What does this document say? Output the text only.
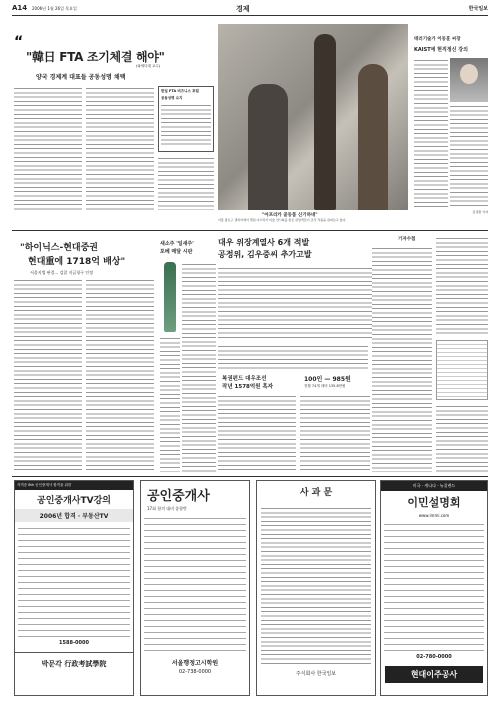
A14 2006년 1월 26일 목요일	경제	한국일보
"韓日 FTA 조기체결 해야"
(와세다대 교수)
양국 경제계 대표들 공동성명 채택
“
한일 FTA 비즈니스 포럼
공동성명 요지
"아프리카 골동품 신기하네"
서울 종로구 갤러리에서 열린 아프리카 미술 전시회를 찾은 관람객들이 조각 작품을 살펴보고 있다.
테러기술가 이동훈 씨장
KAIST에 현직정신 강의
김성환 기자
대우 위장계열사 6개 적발
공정위, 김우중씨 추가고발
기자수첩
"하이닉스-현대중권
현대重에 1718억 배상"
서울지법 판결... 검찰 지급청구 인정
새소주 '일새주'
포베 매달 시판
복권펀드 대우조선
작년 1578억원 흑자
100인 — 985원
전월 74개 대비 135.8만원
자격증 8th 공인중개사 합격을 위한
공인중개사TV강의
2006년 합격 · 부동산TV
1588-0000
박문각 行政考試學院
공인중개사
17회 합격 대비 종합반
서울행정고시학원
02-738-0000
사 과 문
주식회사 한국일보
미국 · 캐나다 · 뉴질랜드
이민설명회
www.immi.com
02-780-0000
현대이주공사
